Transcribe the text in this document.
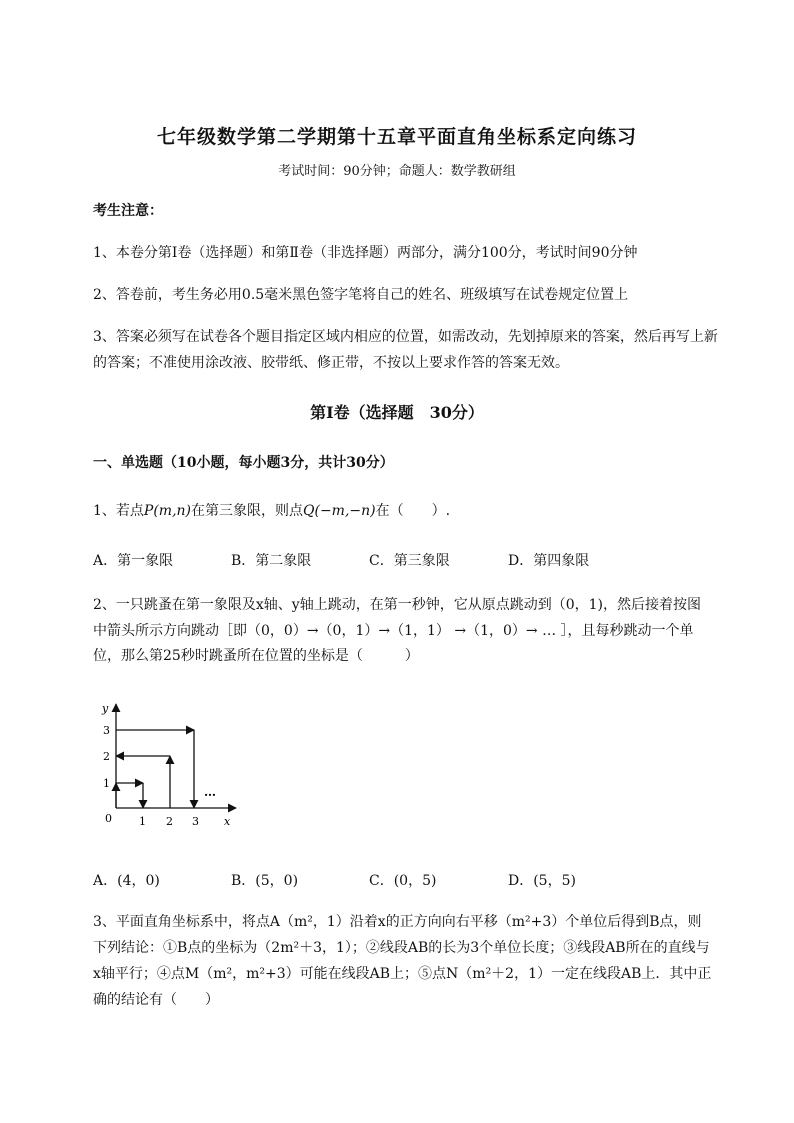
七年级数学第二学期第十五章平面直角坐标系定向练习
考试时间：90分钟；命题人：数学教研组
考生注意：
1、本卷分第I卷（选择题）和第Ⅱ卷（非选择题）两部分，满分100分，考试时间90分钟
2、答卷前，考生务必用0.5毫米黑色签字笔将自己的姓名、班级填写在试卷规定位置上
3、答案必须写在试卷各个题目指定区域内相应的位置，如需改动，先划掉原来的答案，然后再写上新
的答案；不准使用涂改液、胶带纸、修正带，不按以上要求作答的答案无效。
第I卷（选择题　30分）
一、单选题（10小题，每小题3分，共计30分）
1、若点P(m,n)在第三象限，则点Q(−m,−n)在（　　）.
A．第一象限	B．第二象限	C．第三象限	D．第四象限
2、一只跳蚤在第一象限及x轴、y轴上跳动，在第一秒钟，它从原点跳动到（0，1)，然后接着按图
中箭头所示方向跳动［即（0，0）→（0，1）→（1，1） →（1，0）→ … ］，且每秒跳动一个单
位，那么第25秒时跳蚤所在位置的坐标是（　　　）
y
3
2
1
0 1 2 3 x
…
A．(4，0)	B．(5，0)	C．(0，5)	D．(5，5)
3、平面直角坐标系中，将点A（m²，1）沿着x的正方向向右平移（m²+3）个单位后得到B点，则
下列结论：①B点的坐标为（2m²＋3，1）；②线段AB的长为3个单位长度；③线段AB所在的直线与
x轴平行；④点M（m²，m²+3）可能在线段AB上；⑤点N（m²＋2，1）一定在线段AB上．其中正
确的结论有（　　）
